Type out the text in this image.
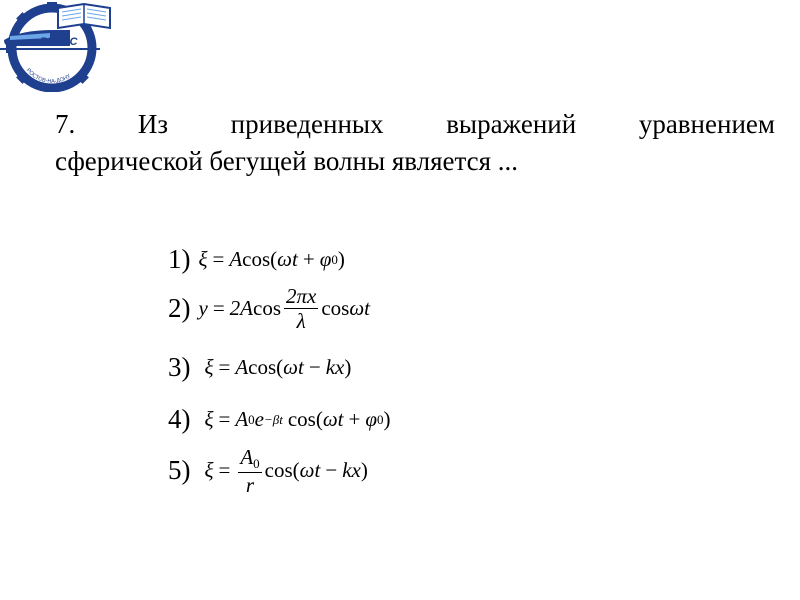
РГУПС
РОСТОВ-НА-ДОНУ
7. Из приведенных выражений уравнением
сферической бегущей волны является ...
1) ξ = A cos ( ωt + φ 0 )
2) y = 2A $\cos \frac{2\pi x}{\lambda}$ cos ωt
3) ξ = A cos ( ωt − kx )
4) ξ = A 0 e −βt cos ( ωt + φ 0 )
5) $\xi = \frac{A_0}{r}$ cos ( ωt − kx )
